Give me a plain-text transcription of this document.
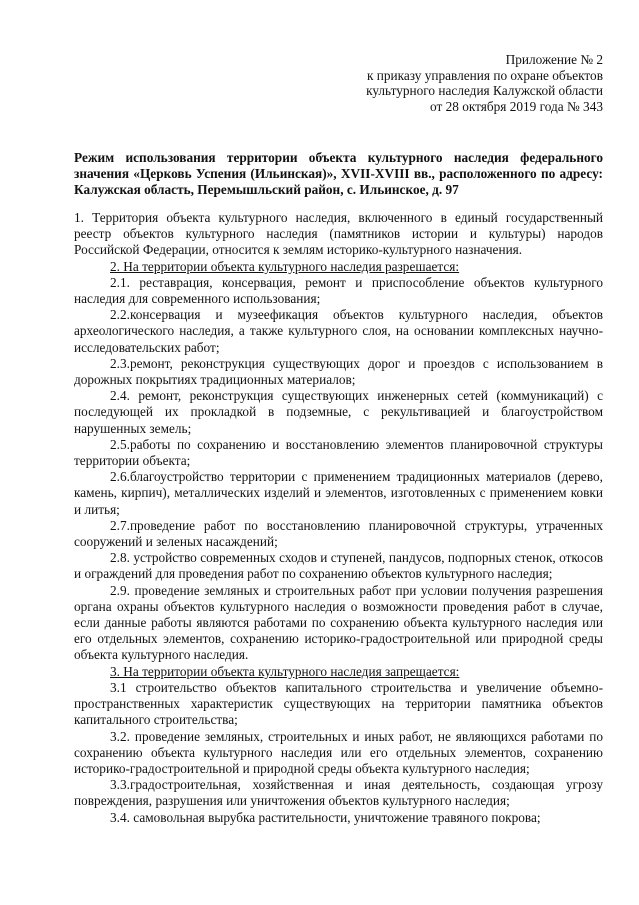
Приложение № 2
к приказу управления по охране объектов
культурного наследия Калужской области
от 28 октября 2019 года № 343
Режим использования территории объекта культурного наследия федерального значения «Церковь Успения (Ильинская)», XVII-XVIII вв., расположенного по адресу: Калужская область, Перемышльский район, с. Ильинское, д. 97

1. Территория объекта культурного наследия, включенного в единый государственный реестр объектов культурного наследия (памятников истории и культуры) народов Российской Федерации, относится к землям историко-культурного назначения.

2. На территории объекта культурного наследия разрешается:

2.1. реставрация, консервация, ремонт и приспособление объектов культурного наследия для современного использования;

2.2.консервация и музеефикация объектов культурного наследия, объектов археологического наследия, а также культурного слоя, на основании комплексных научно-исследовательских работ;

2.3.ремонт, реконструкция существующих дорог и проездов с использованием в дорожных покрытиях традиционных материалов;

2.4. ремонт, реконструкция существующих инженерных сетей (коммуникаций) с последующей их прокладкой в подземные, с рекультивацией и благоустройством нарушенных земель;

2.5.работы по сохранению и восстановлению элементов планировочной структуры территории объекта;

2.6.благоустройство территории с применением традиционных материалов (дерево, камень, кирпич), металлических изделий и элементов, изготовленных с применением ковки и литья;

2.7.проведение работ по восстановлению планировочной структуры, утраченных сооружений и зеленых насаждений;

2.8. устройство современных сходов и ступеней, пандусов, подпорных стенок, откосов и ограждений для проведения работ по сохранению объектов культурного наследия;

2.9. проведение земляных и строительных работ при условии получения разрешения органа охраны объектов культурного наследия о возможности проведения работ в случае, если данные работы являются работами по сохранению объекта культурного наследия или его отдельных элементов, сохранению историко-градостроительной или природной среды объекта культурного наследия.

3. На территории объекта культурного наследия запрещается:

3.1 строительство объектов капитального строительства и увеличение объемно-пространственных характеристик существующих на территории памятника объектов капитального строительства;

3.2. проведение земляных, строительных и иных работ, не являющихся работами по сохранению объекта культурного наследия или его отдельных элементов, сохранению историко-градостроительной и природной среды объекта культурного наследия;

3.3.градостроительная, хозяйственная и иная деятельность, создающая угрозу повреждения, разрушения или уничтожения объектов культурного наследия;

3.4. самовольная вырубка растительности, уничтожение травяного покрова;
